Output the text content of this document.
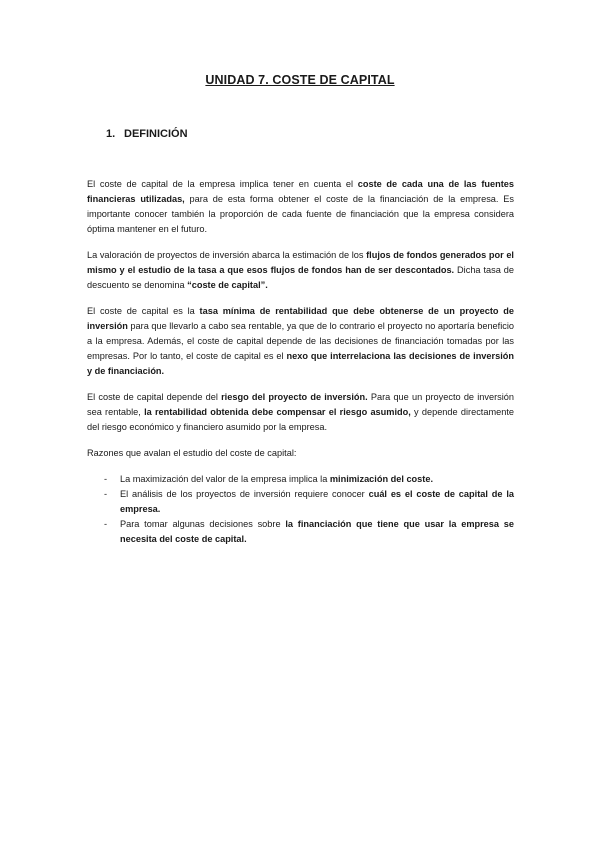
UNIDAD 7. COSTE DE CAPITAL
1. DEFINICIÓN

El coste de capital de la empresa implica tener en cuenta el coste de cada una de las fuentes financieras utilizadas, para de esta forma obtener el coste de la financiación de la empresa. Es importante conocer también la proporción de cada fuente de financiación que la empresa considera óptima mantener en el futuro.

La valoración de proyectos de inversión abarca la estimación de los flujos de fondos generados por el mismo y el estudio de la tasa a que esos flujos de fondos han de ser descontados. Dicha tasa de descuento se denomina “coste de capital”.

El coste de capital es la tasa mínima de rentabilidad que debe obtenerse de un proyecto de inversión para que llevarlo a cabo sea rentable, ya que de lo contrario el proyecto no aportaría beneficio a la empresa. Además, el coste de capital depende de las decisiones de financiación tomadas por las empresas. Por lo tanto, el coste de capital es el nexo que interrelaciona las decisiones de inversión y de financiación.

El coste de capital depende del riesgo del proyecto de inversión. Para que un proyecto de inversión sea rentable, la rentabilidad obtenida debe compensar el riesgo asumido, y depende directamente del riesgo económico y financiero asumido por la empresa.

Razones que avalan el estudio del coste de capital:

- La maximización del valor de la empresa implica la minimización del coste.
- El análisis de los proyectos de inversión requiere conocer cuál es el coste de capital de la empresa.
- Para tomar algunas decisiones sobre la financiación que tiene que usar la empresa se necesita del coste de capital.
